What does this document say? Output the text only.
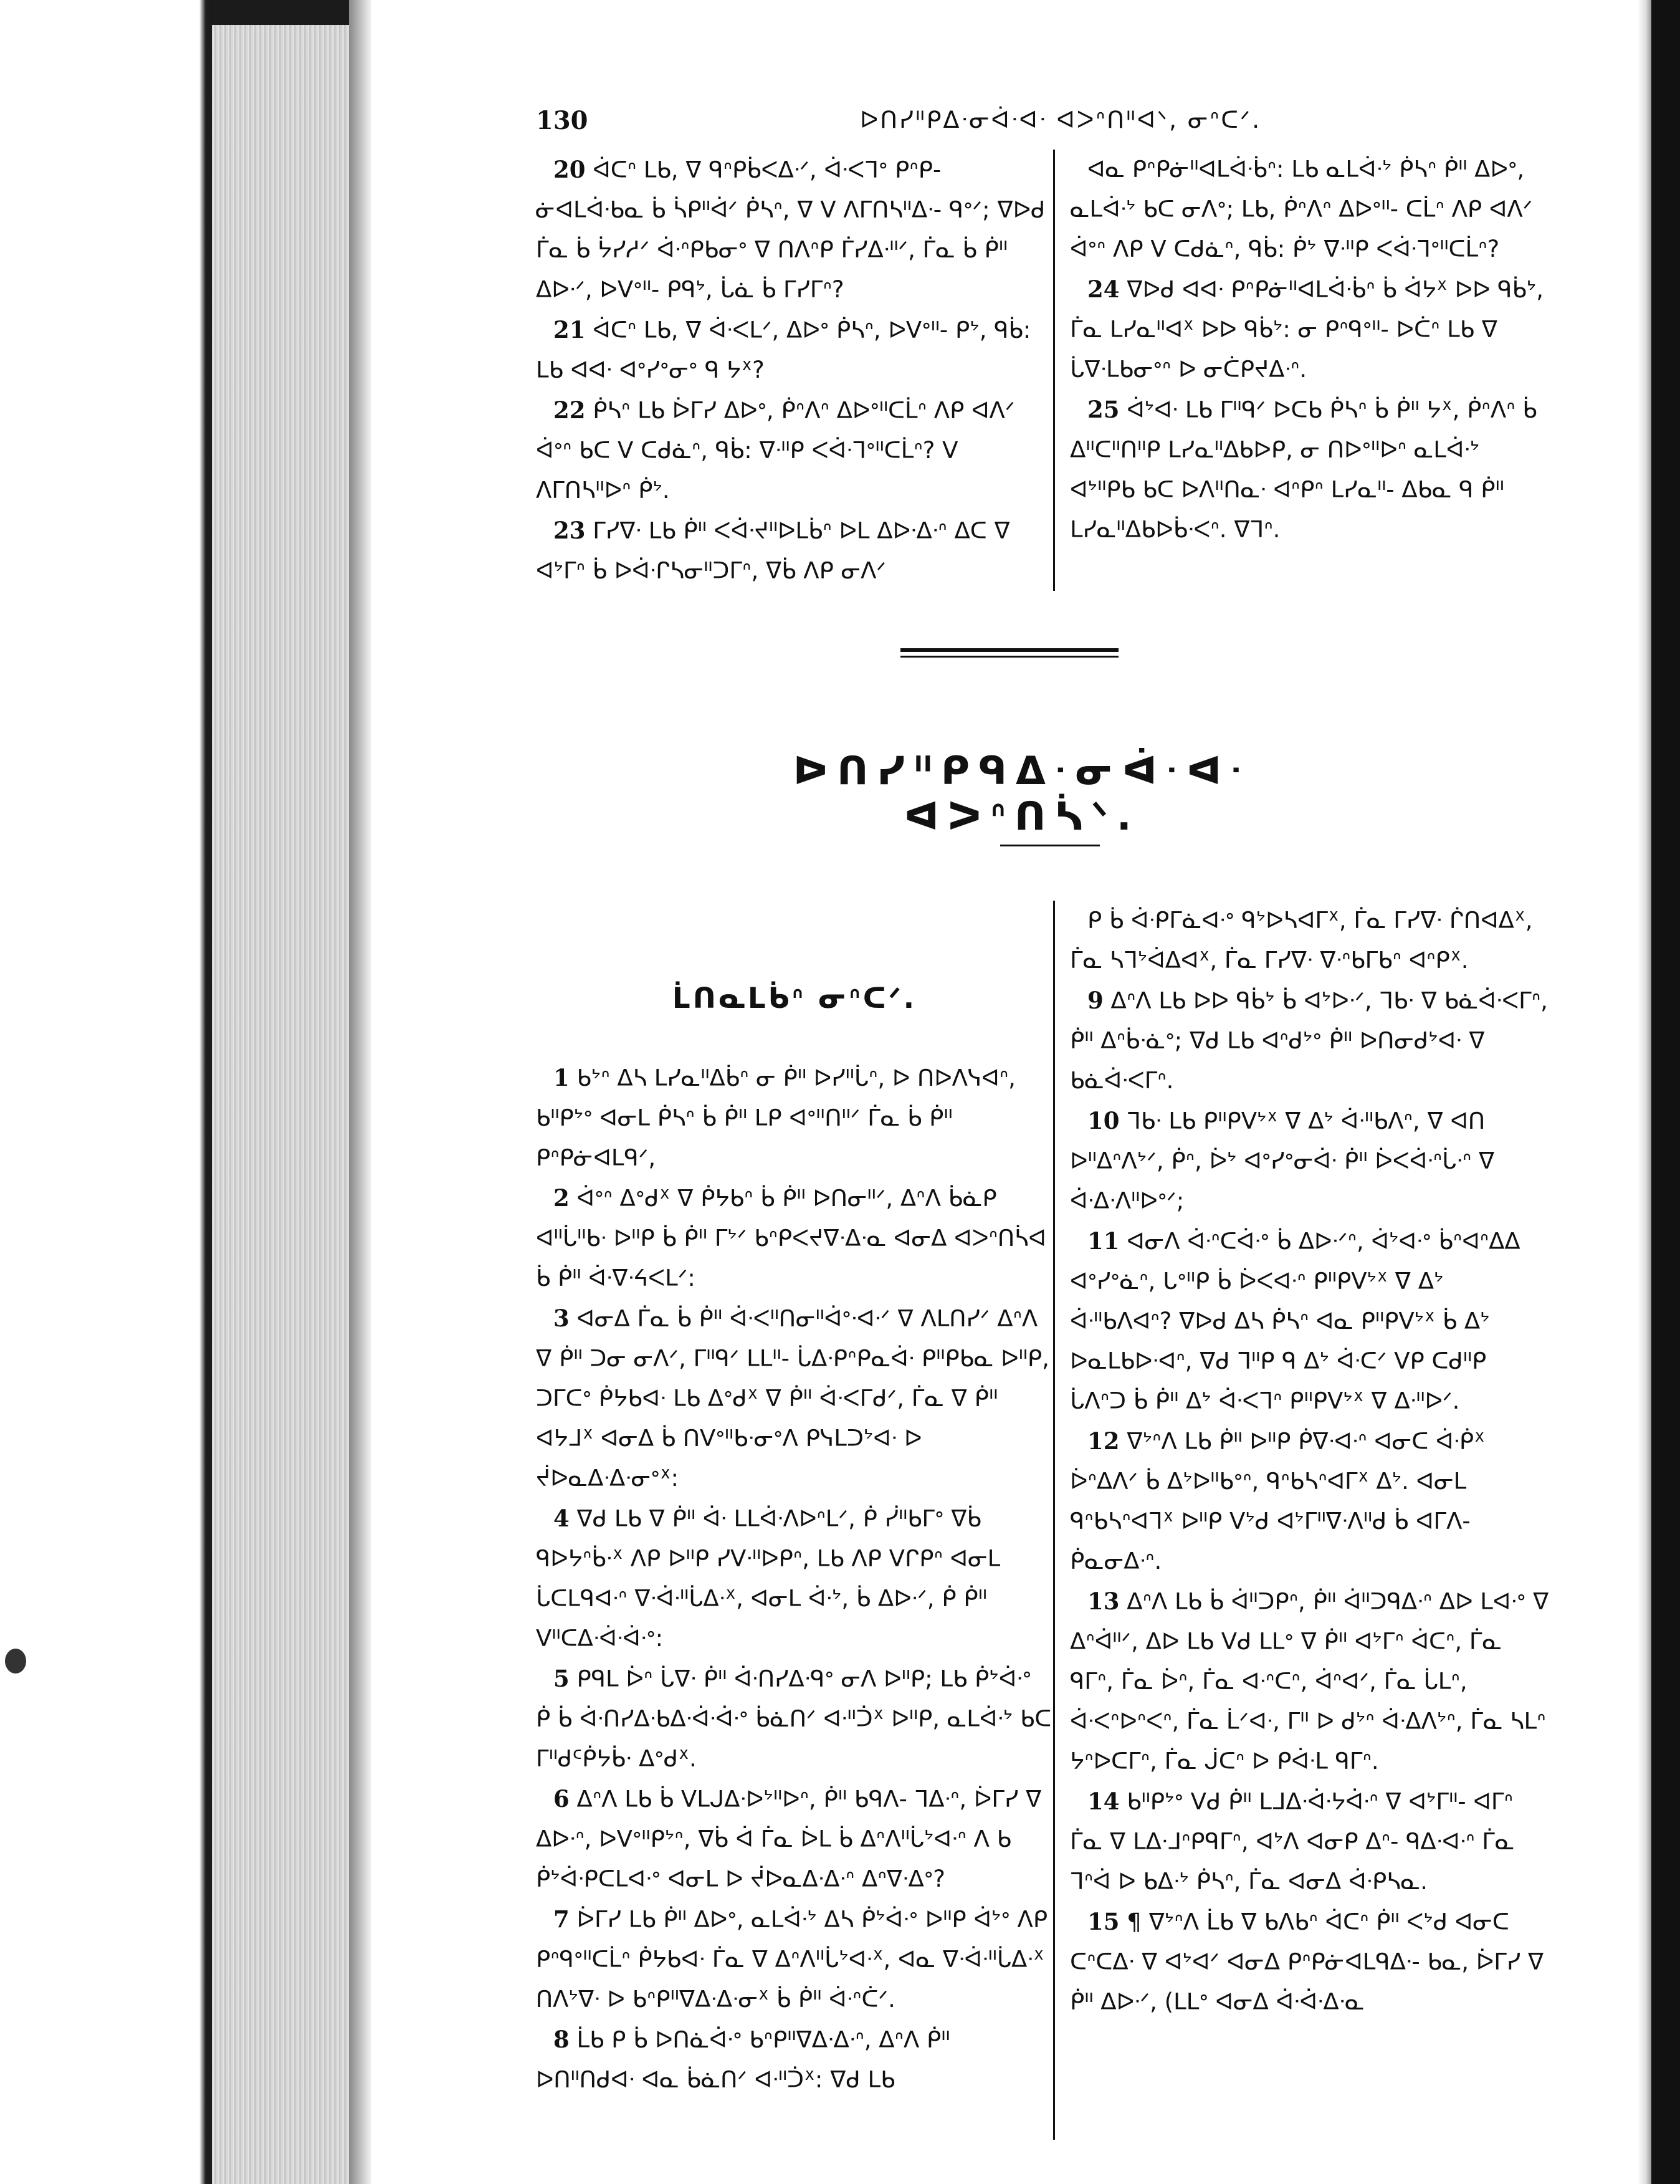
130	ᐅᑎᓯᐦᑭᐃᐧᓂᐋᐧᐊᐧ ᐊᐳᐢᑎᐦᐊᐠ, ᓂᐢᑕᐟ.

20 ᐋᑕᐢ ᒪᑲ, ᐁ ᑫᐢᑭᑳᐸᐃᐧᐟ, ᐋᐧᐸᒣᐤ ᑭᐢᑭ- ᓃᐊᒪᐋᐧᑲᓇ ᑳ ᓵᑭᐦᐋᐟ ᑮᓴᐢ, ᐁ ᐯ ᐱᒥᑎᓴᐦᐃᐧ- ᑫᐤᐟ; ᐁᐅᑯ ᒦᓇ ᑳ ᔮᓯᓱᐟ ᐋᐧᐢᑭᑲᓂᐤ ᐁ ᑎᐱᐢᑭ ᒦᓯᐃᐧᐦᐟ, ᒦᓇ ᑳ ᑮᐦ ᐃᐅᐧᐟ, ᐅᐯᐤᐦ- ᑭᑫᔾ, ᒑᓈ ᑳ ᒥᓯᒥᐢ?

21 ᐋᑕᐢ ᒪᑲ, ᐁ ᐋᐧᐸᒪᐟ, ᐃᐅᐤ ᑮᓴᐢ, ᐅᐯᐤᐦ- ᑭᔾ, ᑫᑳ: ᒪᑲ ᐊᐊᐧ ᐊᐤᓯᐤᓂᐤ ᑫ ᔭᕽ?

22 ᑮᓴᐢ ᒪᑲ ᐆᒥᓯ ᐃᐅᐤ, ᑮᐢᐱᐢ ᐃᐅᐤᐦᑕᒫᐢ ᐱᑭ ᐊᐱᐟ ᐋᐤᐢ ᑲᑕ ᐯ ᑕᑯᓈᐢ, ᑫᑳ: ᐁᐧᐦᑭ ᐸᐋᐧᒣᐤᐦᑕᒫᐢ? ᐯ ᐱᒥᑎᓴᐦᐅᐢ ᑮᔾ.

23 ᒥᓯᐁᐧ ᒪᑲ ᑮᐦ ᐸᐋᐧᔪᐦᐅᒪᑳᐢ ᐅᒪ ᐃᐅᐧᐃᐧᐢ ᐃᑕ ᐁ ᐊᔾᒥᐢ ᑳ ᐅᐋᐧᒋᓴᓂᐦᑐᒥᐢ, ᐁᑳ ᐱᑭ ᓂᐱᐟ

ᐊᓇ ᑭᐢᑭᓃᐦᐊᒪᐋᐧᑳᐢ: ᒪᑲ ᓇᒪᐋᐧᔾ ᑮᓴᐢ ᑮᐦ ᐃᐅᐤ, ᓇᒪᐋᐧᔾ ᑲᑕ ᓂᐱᐤ; ᒪᑲ, ᑮᐢᐱᐢ ᐃᐅᐤᐦ- ᑕᒫᐢ ᐱᑭ ᐊᐱᐟ ᐋᐤᐢ ᐱᑭ ᐯ ᑕᑯᓈᐢ, ᑫᑳ: ᑮᔾ ᐁᐧᐦᑭ ᐸᐋᐧᒣᐤᐦᑕᒫᐢ?

24 ᐁᐅᑯ ᐊᐊᐧ ᑭᐢᑭᓃᐦᐊᒪᐋᐧᑳᐢ ᑳ ᐋᔭᕽ ᐅᐅ ᑫᑳᔾ, ᒦᓇ ᒪᓯᓇᐦᐊᕽ ᐅᐅ ᑫᑳᔾ: ᓂ ᑭᐢᑫᐤᐦ- ᐅᑖᐢ ᒪᑲ ᐁ ᒑᐁᐧᒪᑲᓂᐤᐢ ᐅ ᓂᑖᑭᔪᐃᐧᐢ.

25 ᐋᔾᐊᐧ ᒪᑲ ᒥᐦᑫᐟ ᐅᑕᑲ ᑮᓴᐢ ᑳ ᑮᐦ ᔭᕽ, ᑮᐢᐱᐢ ᑳ ᐃᐦᑕᐦᑎᐦᑭ ᒪᓯᓇᐦᐃᑲᐅᑭ, ᓂ ᑎᐅᐤᐦᐅᐢ ᓇᒪᐋᐧᔾ ᐊᔾᐦᑭᑲ ᑲᑕ ᐅᐱᐦᑎᓇᐧ ᐊᐢᑭᐢ ᒪᓯᓇᐦ- ᐃᑲᓇ ᑫ ᑮᐦ ᒪᓯᓇᐦᐃᑲᐅᑳᐧᐸᐢ. ᐁᒣᐢ.

ᐅᑎᓯᐦᑭᑫᐃᐧᓂᐋᐧᐊᐧ ᐊᐳᐢᑎᓵᐠ.

ᒫᑎᓇᒪᑳᐢ ᓂᐢᑕᐟ.

1 ᑲᔾᐢ ᐃᓴ ᒪᓯᓇᐦᐃᑳᐢ ᓂ ᑮᐦ ᐅᓯᐦᒑᐢ, ᐅ ᑎᐅᐱᓭᐊᐢ, ᑲᐦᑭᔾᐤ ᐊᓂᒪ ᑮᓴᐢ ᑳ ᑮᐦ ᒪᑭ ᐊᐤᐦᑎᐦᐟ ᒦᓇ ᑳ ᑮᐦ ᑭᐢᑭᓃᐊᒪᑫᐟ,

2 ᐋᐤᐢ ᐃᐤᑯᕽ ᐁ ᑮᔭᑲᐢ ᑳ ᑮᐦ ᐅᑎᓂᐦᐟ, ᐃᐢᐱ ᑳᓈᑭ ᐊᐦᒑᐦᑲᐧ ᐅᐦᑭ ᑳ ᑮᐦ ᒥᔾᐟ ᑲᐢᑭᐸᔪᐁᐧᐃᐧᓇ ᐊᓂᐃ ᐊᐳᐢᑎᓵᐊ ᑳ ᑮᐦ ᐋᐧᐁᐧᔦᐸᒪᐟ:

3 ᐊᓂᐃ ᒦᓇ ᑳ ᑮᐦ ᐋᐧᐸᐦᑎᓂᐦᐋᐤᐧᐊᐧᐟ ᐁ ᐱᒪᑎᓯᐟ ᐃᐢᐱ ᐁ ᑮᐦ ᑐᓂ ᓂᐱᐟ, ᒥᐦᑫᐟ ᒪᒪᐦ- ᒑᐃᐧᑭᐢᑭᓇᐋᐧ ᑭᐦᑭᑲᓇ ᐅᐦᑭ, ᑐᒥᑕᐤ ᑮᔭᑲᐊᐧ ᒪᑲ ᐃᐤᑯᕽ ᐁ ᑮᐦ ᐋᐧᐸᒥᑯᐟ, ᒦᓇ ᐁ ᑮᐦ ᐊᔭᒧᕽ ᐊᓂᐃ ᑳ ᑎᐯᐤᐦᑲᐧᓂᐤᐱ ᑭᓭᒪᑐᔾᐊᐧ ᐅ ᔫᐅᓇᐃᐧᐃᐧᓂᐤᕽ:

4 ᐁᑯ ᒪᑲ ᐁ ᑮᐦ ᐋᐧ ᒪᒪᐋᐧᐱᐅᐢᒪᐟ, ᑮ ᓰᐦᑲᒥᐤ ᐁᑳ ᑫᐅᔭᐢᑳᐧᕽ ᐱᑭ ᐅᐦᑭ ᓯᐯᐧᐦᐅᑭᐢ, ᒪᑲ ᐱᑭ ᐯᒋᑭᐢ ᐊᓂᒪ ᒑᑕᒪᑫᐊᐧᐢ ᐁᐧᐋᐧᐦᒑᐃᐧᕽ, ᐊᓂᒪ ᐋᐧᔾ, ᑳ ᐃᐅᐧᐟ, ᑮ ᑮᐦ ᐯᐦᑕᐃᐧᐋᐧᐋᐧᐤ:

5 ᑭᑫᒪ ᐆᐢ ᒑᐁᐧ ᑮᐦ ᐋᐧᑎᓯᐃᐧᑫᐤ ᓂᐱ ᐅᐦᑭ; ᒪᑲ ᑮᔾᐋᐧᐤ ᑮ ᑳ ᐋᐧᑎᓯᐃᐧᑲᐃᐧᐋᐧᐋᐧᐤ ᑳᓈᑎᐟ ᐊᐧᐦᑑᕽ ᐅᐦᑭ, ᓇᒪᐋᐧᔾ ᑲᑕ ᒥᐦᑯᑦᑮᔭᑳᐧ ᐃᐤᑯᕽ.

6 ᐃᐢᐱ ᒪᑲ ᑳ ᐯᒪᒍᐃᐧᐅᔾᐦᐅᐢ, ᑮᐦ ᑲᑫᐱ- ᒣᐃᐧᐢ, ᐆᒥᓯ ᐁ ᐃᐅᐧᐢ, ᐅᐯᐤᐦᑭᔾᐢ, ᐁᑳ ᐋ ᒦᓇ ᐆᒪ ᑳ ᐃᐢᐱᐦᒑᔾᐊᐧᐢ ᐱ ᑲ ᑮᔾᐋᐧᑭᑕᒪᐊᐧᐤ ᐊᓂᒪ ᐅ ᔫᐅᓇᐃᐧᐃᐧᐢ ᐃᐢᐁᐧᐃᐤ?

7 ᐆᒥᓯ ᒪᑲ ᑮᐦ ᐃᐅᐤ, ᓇᒪᐋᐧᔾ ᐃᓴ ᑮᔾᐋᐧᐤ ᐅᐦᑭ ᐋᔾᐤ ᐱᑭ ᑭᐢᑫᐤᐦᑕᒫᐢ ᑮᔭᑲᐊᐧ ᒦᓇ ᐁ ᐃᐢᐱᐦᒑᔾᐊᐧᕽ, ᐊᓇ ᐁᐧᐋᐧᐦᒑᐃᐧᕽ ᑎᐱᔾᐁᐧ ᐅ ᑲᐢᑭᐦᐁᐃᐧᐃᐧᓂᕽ ᑳ ᑮᐦ ᐋᐧᐢᑖᐟ.

8 ᒫᑲ ᑭ ᑳ ᐅᑎᓈᐋᐧᐤ ᑲᐢᑭᐦᐁᐃᐧᐃᐧᐢ, ᐃᐢᐱ ᑮᐦ ᐅᑎᐦᑎᑯᐊᐧ ᐊᓇ ᑳᓈᑎᐟ ᐊᐧᐦᑑᕽ: ᐁᑯ ᒪᑲ

ᑭ ᑳ ᐋᐧᑭᒥᓈᐊᐧᐤ ᑫᔾᐅᓴᐊᒥᕽ, ᒦᓇ ᒥᓯᐁᐧ ᒌᑎᐊᐃᕽ, ᒦᓇ ᓴᒣᔾᐋᐃᐊᕽ, ᒦᓇ ᒥᓯᐁᐧ ᐁᐧᐢᑲᒥᑲᐢ ᐊᐢᑭᕽ.

9 ᐃᐢᐱ ᒪᑲ ᐅᐅ ᑫᑳᔾ ᑳ ᐊᔾᐅᐧᐟ, ᒣᑲᐧ ᐁ ᑲᓈᐋᐧᐸᒥᐢ, ᑮᐦ ᐃᐢᑳᐧᓈᐤ; ᐁᑯ ᒪᑲ ᐊᐢᑯᔾᐤ ᑮᐦ ᐅᑎᓂᑯᔾᐊᐧ ᐁ ᑲᓈᐋᐧᐸᒥᐢ.

10 ᒣᑲᐧ ᒪᑲ ᑭᐦᑭᐯᔾᕽ ᐁ ᐃᔾ ᐋᐧᐦᑲᐱᐢ, ᐁ ᐊᑎ ᐅᐦᐃᐢᐱᔾᐟ, ᑮᐢ, ᐆᔾ ᐊᐤᓯᐤᓂᐋᐧ ᑮᐦ ᐆᐸᐋᐧᐢᒑᐧᐢ ᐁ ᐋᐧᐃᐧᐱᐦᐅᐤᐟ;

11 ᐊᓂᐱ ᐋᐧᐢᑕᐋᐧᐤ ᑳ ᐃᐅᐧᐟᐢ, ᐋᔾᐊᐧᐤ ᑳᐢᐊᐢᐃᐃ ᐊᐤᓯᐤᓈᐢ, ᒐᐤᐦᑭ ᑳ ᐆᐸᐊᐧᐢ ᑭᐦᑭᐯᔾᕽ ᐁ ᐃᔾ ᐋᐧᐦᑲᐱᐊᐢ? ᐁᐅᑯ ᐃᓴ ᑮᓴᐢ ᐊᓇ ᑭᐦᑭᐯᔾᕽ ᑳ ᐃᔾ ᐅᓇᒪᑲᐅᐧᐊᐢ, ᐁᑯ ᒣᐦᑭ ᑫ ᐃᔾ ᐋᐧᑕᐟ ᐯᑭ ᑕᑯᐦᑭ ᒑᐱᐢᑐ ᑳ ᑮᐦ ᐃᔾ ᐋᐧᐸᒣᐢ ᑭᐦᑭᐯᔾᕽ ᐁ ᐃᐧᐦᐅᐟ.

12 ᐁᔾᐢᐱ ᒪᑲ ᑮᐦ ᐅᐦᑭ ᑮᐁᐧᐊᐧᐢ ᐊᓂᑕ ᐋᐧᑮᕽ ᐆᐢᐃᐱᐟ ᑳ ᐃᔾᐅᐦᑲᐤᐢ, ᑫᐢᑲᓴᐢᐊᒥᕽ ᐃᔾ. ᐊᓂᒪ ᑫᐢᑲᓴᐢᐊᒣᕽ ᐅᐦᑭ ᐯᔾᑯ ᐊᔾᒥᐦᐁᐧᐱᐦᑯ ᑳ ᐊᒥᐱ- ᑮᓇᓂᐃᐧᐢ.

13 ᐃᐢᐱ ᒪᑲ ᑳ ᐋᐦᑐᑭᐢ, ᑮᐦ ᐋᐦᑐᑫᐃᐧᐢ ᐃᐅ ᒪᐊᐧᐤ ᐁ ᐃᐢᐋᐦᐟ, ᐃᐅ ᒪᑲ ᐯᑯ ᒪᒪᐤ ᐁ ᑮᐦ ᐊᔾᒥᐢ ᐋᑕᐢ, ᒦᓇ ᑫᒥᐢ, ᒦᓇ ᐆᐢ, ᒦᓇ ᐊᐧᐢᑕᐢ, ᐋᐢᐊᐟ, ᒦᓇ ᒑᒪᐢ, ᐋᐧᐸᐢᐅᐢᐸᐢ, ᒦᓇ ᒫᐟᐊᐧ, ᒥᐦ ᐅ ᑯᔾᐢ ᐋᐧᐃᐱᔾᐢ, ᒦᓇ ᓴᒪᐢ ᔭᐢᐅᑕᒥᐢ, ᒦᓇ ᒎᑕᐢ ᐅ ᑭᐋᐧᒪ ᑫᒥᐢ.

14 ᑲᐦᑭᔾᐤ ᐯᑯ ᑮᐦ ᒪᒧᐃᐧᐋᐧᔭᐋᐧᐢ ᐁ ᐊᔾᒥᐦ- ᐊᒥᐢ ᒦᓇ ᐁ ᒪᐃᐧᒧᐢᑭᑫᒥᐢ, ᐊᔾᐱ ᐊᓂᑭ ᐃᐢ- ᑫᐃᐧᐊᐧᐢ ᒦᓇ ᒣᐢᐋ ᐅ ᑲᐃᐧᔾ ᑮᓴᐢ, ᒦᓇ ᐊᓂᐃ ᐋᐧᑭᓴᓇ.

15 ¶ ᐁᔾᐢᐱ ᒫᑲ ᐁ ᑲᐱᑲᐢ ᐋᑕᐢ ᑮᐦ ᐸᔾᑯ ᐊᓂᑕ ᑕᐢᑕᐃᐧ ᐁ ᐊᔾᐊᐟ ᐊᓂᐃ ᑭᐢᑭᓃᐊᒪᑫᐃᐧ- ᑲᓇ, ᐆᒥᓯ ᐁ ᑮᐦ ᐃᐅᐧᐟ, (ᒪᒪᐤ ᐊᓂᐃ ᐋᐧᐋᐧᐃᐧᓇ
